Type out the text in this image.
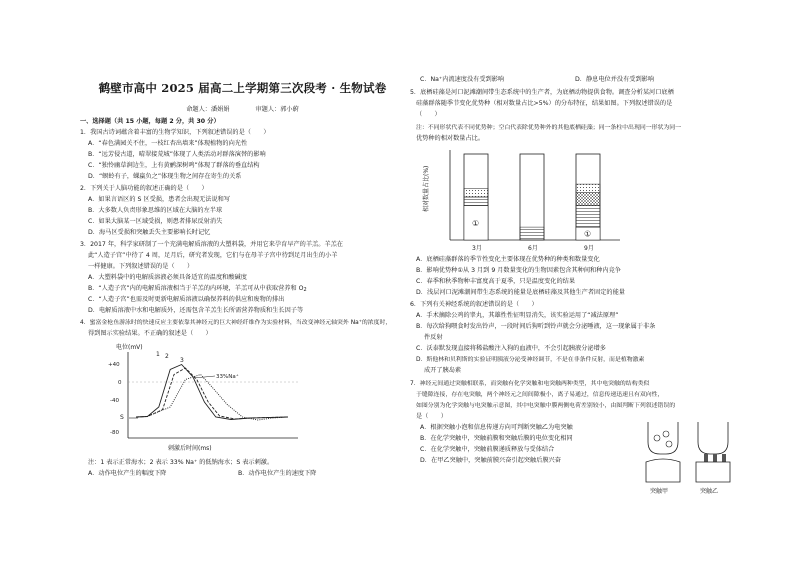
鹤壁市高中 2025 届高二上学期第三次段考 · 生物试卷
命题人：潘娟娟	审题人：郭小蔚
一、选择题（共 15 小题，每题 2 分，共 30 分）
1．我国古诗词蕴含着丰富的生物学知识，下列叙述错误的是（　　）
A．“春色满园关不住，一枝红杏出墙来”体现植物的向光性
B．“远芳侵古道，晴翠接荒城”体现了人类活动对群落演替的影响
C．“独怜幽草涧边生，上有黄鹂深树鸣”体现了群落的垂直结构
D．“螟蛉有子，蜾蠃负之”体现生物之间存在寄生的关系
2．下列关于人脑功能的叙述正确的是（　　）
A．如果言语区的 S 区受损，患者会出现无法说和写
B．大多数人负责形象思维的区域在大脑的左半球
C．如果大脑某一区域受损，则患者排尿反射消失
D．海马区受损和突触丢失主要影响长时记忆
3．2017 年，科学家研制了一个充满电解质溶液的大塑料袋，并用它来孕育早产的羊羔。羊羔在
此“人造子宫”中待了 4 周，足月后，研究者发现，它们与在母羊子宫中待到足月出生的小羊
一样健康。下列叙述错误的是（　　）
A．大塑料袋中的电解质溶液必须具备适宜的温度和酸碱度
B．“人造子宫”内的电解质溶液相当于羊羔的内环境，羊羔可从中获取营养和 $O_2$
C．“人造子宫”也需及时更新电解质溶液以确保养料的供应和废物的排出
D．电解质溶液中水和电解质外，还需包含羊羔生长所需营养物质和生长因子等
4．蜜富金枪鱼游泳时的快速反应主要依靠其神经元的巨大神经纤维作为实验材料，当改变神经元轴突外 Na⁺的浓度时，
得到图示实验结果。不正确的叙述是（　　）
电位(mV)
+40
0
-40
-80
S
1 2
3
33%Na⁺
刺激后时间(ms)
注：1 表示正常海水；2 表示 33% Na⁺ 的低钠海水；S 表示刺激。
A．动作电位产生的幅度下降	B．动作电位产生的速度下降
C．Na⁺内流速度没有受到影响	D．静息电位并没有受到影响
5．底栖硅藻是河口泥滩潮间带生态系统中的生产者，为底栖动物提供食物。调查分析某河口底栖
硅藻群落随季节变化优势种（相对数量占比>5%）的分布特征，结果如图。下列叙述错误的是
（　　）
注：不同形状代表不同优势种；空白代表除优势种外的其他底栖硅藻；同一条柱中出现同一形状为同一
优势种的相对数量占比。
相对数量占比(%)
①
①
3月	6月	9月
A．底栖硅藻群落的季节性变化主要体现在优势种的种类和数量变化
B．影响优势种①从 3 月到 9 月数量变化的生物因素包含其种间和种内竞争
C．春季和秋季物种丰富度高于夏季，只是温度变化的结果
D．浅层河口泥滩潮间带生态系统的能量是底栖硅藻及其他生产者固定的能量
6．下列有关神经系统的叙述错误的是（　　）
A．手术摘除公鸡的睾丸，其雄性性征明显消失，该实验运用了“减法原理”
B．毎次给狗喂食时发出铃声，一段时间后狗听到铃声就会分泌唾液，这一现象属于非条
件反射
C．沃泰默发现直接将稀盐酸注入狗的血液中，不会引起胰液分泌增多
D．斯他林和贝利斯的实验证明胰液分泌受神经调节，不是在非条件反射，而是植物激素
成开了胰岛素
7．神经元间通过突触相联系，而突触有化学突触和电突触两种类型，其中电突触的结构类似
于缝隙连接，存在电突触，两个神经元之间间隙极小，离子易通过，信息传递迅速且有双向性，
如图分别为化学突触与电突触示意图，其中电突触中膜两侧电荷差别较小，由图判断下列叙述错误的
是（　　）
A．根据突触小泡和信息传递方向可判断突触乙为电突触
B．在化学突触中，突触前膜和突触后膜的电位变化相同
C．在化学突触中，突触前膜递质释放与受体结合
D．在甲乙突触中，突触前膜兴奋引起突触后膜兴奋
突触甲	突触乙
